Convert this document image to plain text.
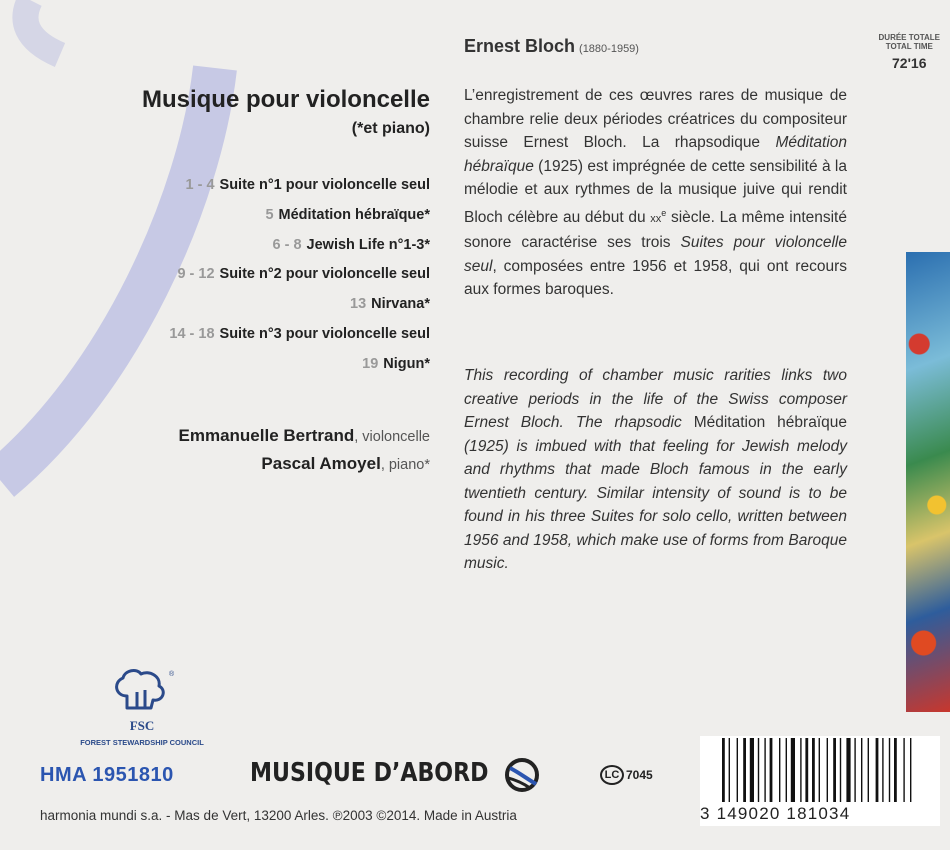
Ernest Bloch (1880-1959)
DURÉE TOTALE
TOTAL TIME
72'16
Musique pour violoncelle
(*et piano)
1 - 4 Suite n°1 pour violoncelle seul
5 Méditation hébraïque*
6 - 8 Jewish Life n°1-3*
9 - 12 Suite n°2 pour violoncelle seul
13 Nirvana*
14 - 18 Suite n°3 pour violoncelle seul
19 Nigun*
Emmanuelle Bertrand, violoncelle
Pascal Amoyel, piano*
L’enregistrement de ces œuvres rares de musique de chambre relie deux périodes créatrices du compositeur suisse Ernest Bloch. La rhapsodique Méditation hébraïque (1925) est imprégnée de cette sensibilité à la mélodie et aux rythmes de la musique juive qui rendit Bloch célèbre au début du $xx^e$ siècle. La même intensité sonore caractérise ses trois Suites pour violoncelle seul, composées entre 1956 et 1958, qui ont recours aux formes baroques.
This recording of chamber music rarities links two creative periods in the life of the Swiss composer Ernest Bloch. The rhapsodic Méditation hébraïque (1925) is imbued with that feeling for Jewish melody and rhythms that made Bloch famous in the early twentieth century. Similar intensity of sound is to be found in his three Suites for solo cello, written between 1956 and 1958, which make use of forms from Baroque music.
®
FSC
FOREST STEWARDSHIP COUNCIL
HMA 1951810	MUSIQUE D’ABORD	LC 7045
harmonia mundi s.a. - Mas de Vert, 13200 Arles. ℗2003 ©2014. Made in Austria	3 149020 181034
